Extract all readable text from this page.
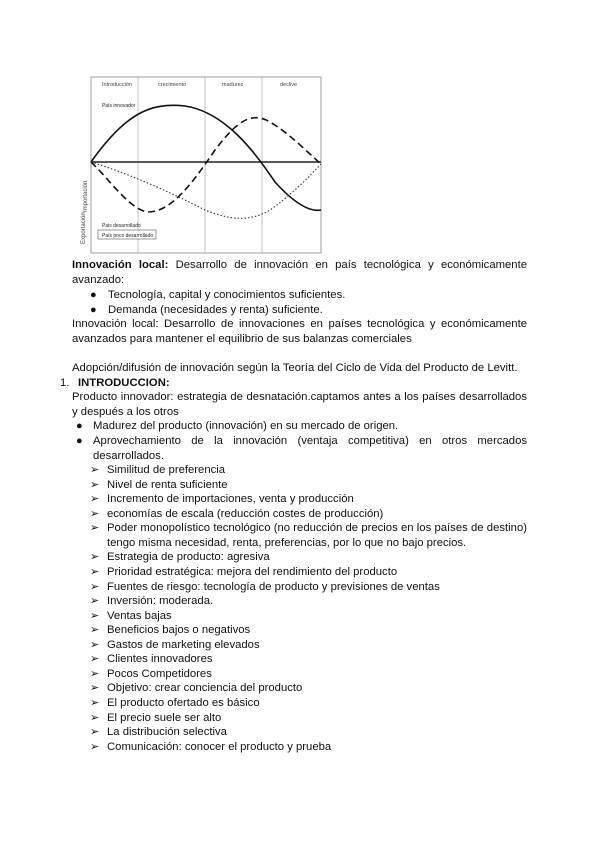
Introducción	crecimiento	madurez	declive
Exportación
Importación
País innovador
Pais desarrollado
País poco desarrollado
Innovación local: Desarrollo de innovación en país tecnológica y económicamente avanzado:
● Tecnología, capital y conocimientos suficientes.
● Demanda (necesidades y renta) suficiente.
Innovación local: Desarrollo de innovaciones en países tecnológica y económicamente avanzados para mantener el equilibrio de sus balanzas comerciales
Adopción/difusión de innovación según la Teoría del Ciclo de Vida del Producto de Levitt.
1. INTRODUCCION:
Producto innovador: estrategia de desnatación.captamos antes a los países desarrollados y después a los otros
● Madurez del producto (innovación) en su mercado de origen.
● Aprovechamiento de la innovación (ventaja competitiva) en otros mercados desarrollados.
➢ Similitud de preferencia
➢ Nivel de renta suficiente
➢ Incremento de importaciones, venta y producción
➢ economías de escala (reducción costes de producción)
➢ Poder monopolístico tecnológico (no reducción de precios en los países de destino) tengo misma necesidad, renta, preferencias, por lo que no bajo precios.
➢ Estrategia de producto: agresiva
➢ Prioridad estratégica: mejora del rendimiento del producto
➢ Fuentes de riesgo: tecnología de producto y previsiones de ventas
➢ Inversión: moderada.
➢ Ventas bajas
➢ Beneficios bajos o negativos
➢ Gastos de marketing elevados
➢ Clientes innovadores
➢ Pocos Competidores
➢ Objetivo: crear conciencia del producto
➢ El producto ofertado es básico
➢ El precio suele ser alto
➢ La distribución selectiva
➢ Comunicación: conocer el producto y prueba
